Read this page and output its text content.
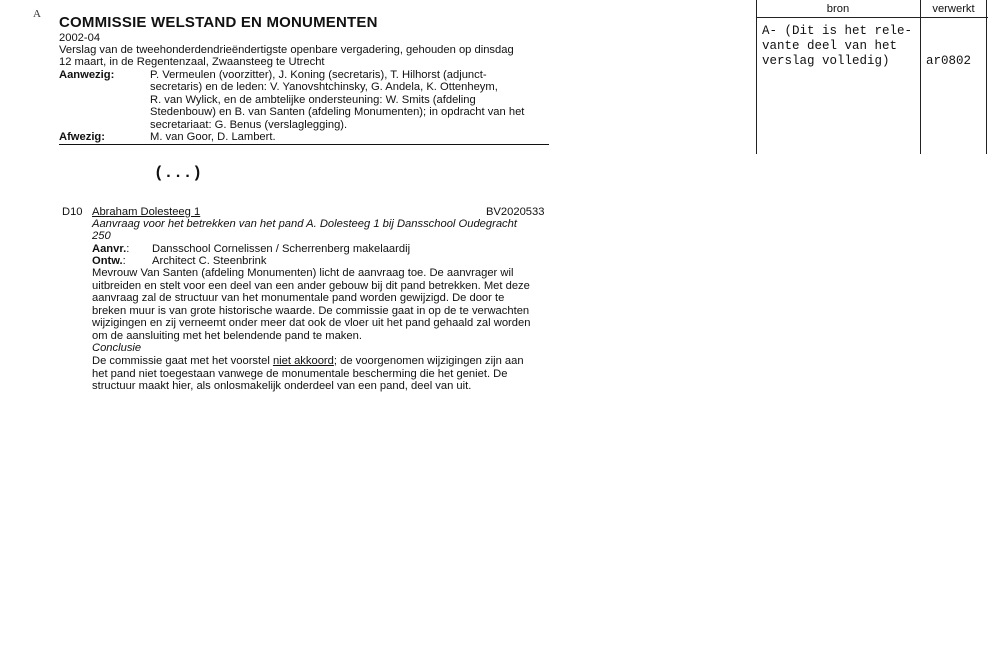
A COMMISSIE WELSTAND EN MONUMENTEN
2002-04
Verslag van de tweehonderdendrieëndertigste openbare vergadering, gehouden op dinsdag
12 maart, in de Regentenzaal, Zwaansteeg te Utrecht
Aanwezig:	P. Vermeulen (voorzitter), J. Koning (secretaris), T. Hilhorst (adjunct-
secretaris) en de leden: V. Yanovshtchinsky, G. Andela, K. Ottenheym,
R. van Wylick, en de ambtelijke ondersteuning: W. Smits (afdeling
Stedenbouw) en B. van Santen (afdeling Monumenten); in opdracht van het
secretariaat: G. Benus (verslaglegging).
Afwezig:	M. van Goor, D. Lambert.
(...)
D10 Abraham Dolesteeg 1	BV2020533
Aanvraag voor het betrekken van het pand A. Dolesteeg 1 bij Dansschool Oudegracht
250
Aanvr.: Dansschool Cornelissen / Scherrenberg makelaardij
Ontw.: Architect C. Steenbrink
Mevrouw Van Santen (afdeling Monumenten) licht de aanvraag toe. De aanvrager wil
uitbreiden en stelt voor een deel van een ander gebouw bij dit pand betrekken. Met deze
aanvraag zal de structuur van het monumentale pand worden gewijzigd. De door te
breken muur is van grote historische waarde. De commissie gaat in op de te verwachten
wijzigingen en zij verneemt onder meer dat ook de vloer uit het pand gehaald zal worden
om de aansluiting met het belendende pand te maken.
Conclusie
De commissie gaat met het voorstel niet akkoord; de voorgenomen wijzigingen zijn aan
het pand niet toegestaan vanwege de monumentale bescherming die het geniet. De
structuur maakt hier, als onlosmakelijk onderdeel van een pand, deel van uit.
bron	verwerkt
A- (Dit is het rele-
vante deel van het
verslag volledig)	ar0802
